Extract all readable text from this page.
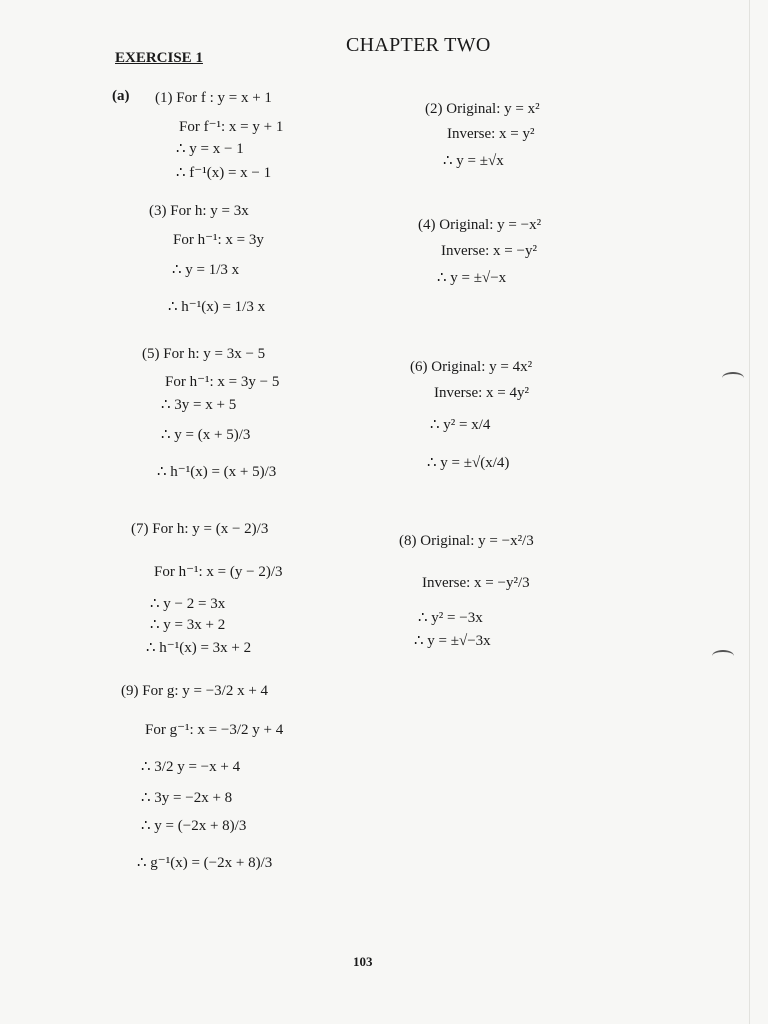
CHAPTER TWO
EXERCISE 1
(a) (1) For f : y = x + 1
For f⁻¹: x = y + 1
∴ y = x − 1
∴ f⁻¹(x) = x − 1
(2) Original: y = x²
Inverse: x = y²
∴ y = ±√x
(3) For h: y = 3x
For h⁻¹: x = 3y
∴ y = 1/3 x
∴ h⁻¹(x) = 1/3 x
(4) Original: y = −x²
Inverse: x = −y²
∴ y = ±√−x
(5) For h: y = 3x − 5
For h⁻¹: x = 3y − 5
∴ 3y = x + 5
∴ y = (x + 5)/3
∴ h⁻¹(x) = (x + 5)/3
(6) Original: y = 4x²
Inverse: x = 4y²
∴ y² = x/4
∴ y = ±√(x/4)
(7) For h: y = (x − 2)/3
For h⁻¹: x = (y − 2)/3
∴ y − 2 = 3x
∴ y = 3x + 2
∴ h⁻¹(x) = 3x + 2
(8) Original: y = −x²/3
Inverse: x = −y²/3
∴ y² = −3x
∴ y = ±√−3x
(9) For g: y = −3/2 x + 4
For g⁻¹: x = −3/2 y + 4
∴ 3/2 y = −x + 4
∴ 3y = −2x + 8
∴ y = (−2x + 8)/3
∴ g⁻¹(x) = (−2x + 8)/3
103
